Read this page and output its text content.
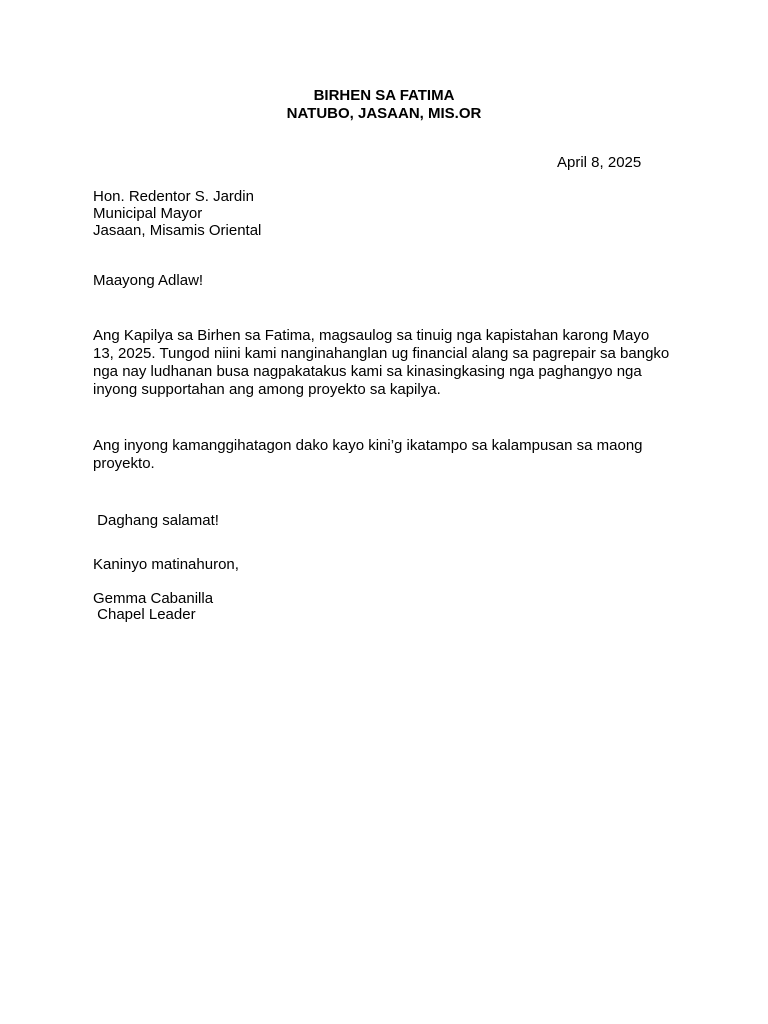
BIRHEN SA FATIMA

NATUBO, JASAAN, MIS.OR

April 8, 2025

Hon. Redentor S. Jardin

Municipal Mayor

Jasaan, Misamis Oriental

Maayong Adlaw!

Ang Kapilya sa Birhen sa Fatima, magsaulog sa tinuig nga kapistahan karong Mayo 13, 2025. Tungod niini kami nanginahanglan ug financial alang sa pagrepair sa bangko nga nay ludhanan busa nagpakatakus kami sa kinasingkasing nga paghangyo nga inyong supportahan ang among proyekto sa kapilya.

Ang inyong kamanggihatagon dako kayo kini’g ikatampo sa kalampusan sa maong proyekto.

Daghang salamat!

Kaninyo matinahuron,

Gemma Cabanilla

Chapel Leader
